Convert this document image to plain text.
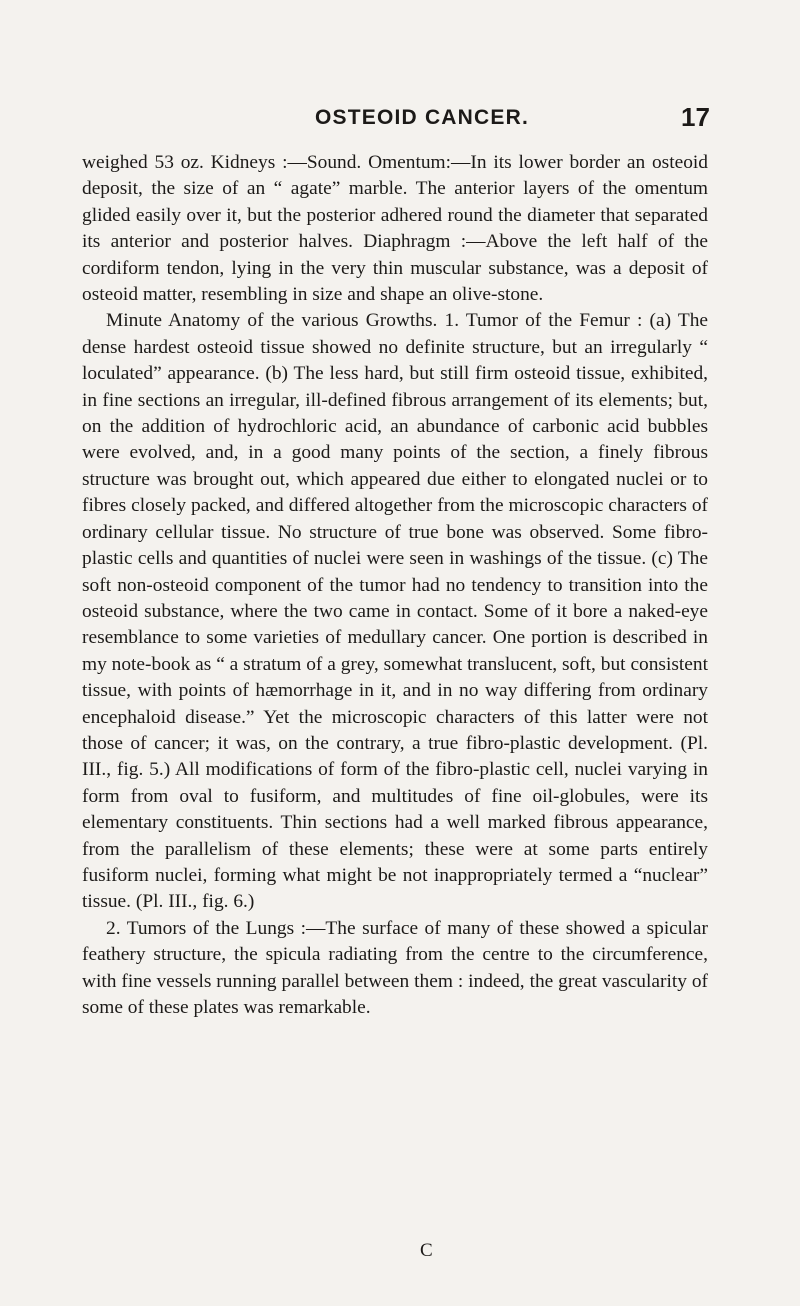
OSTEOID CANCER.	17

weighed 53 oz. Kidneys :—Sound. Omentum:—In its lower border an osteoid deposit, the size of an “ agate” marble. The anterior layers of the omentum glided easily over it, but the posterior adhered round the diameter that separated its anterior and posterior halves. Diaphragm :—Above the left half of the cordiform tendon, lying in the very thin muscular substance, was a deposit of osteoid matter, resembling in size and shape an olive-stone.

Minute Anatomy of the various Growths. 1. Tumor of the Femur : (a) The dense hardest osteoid tissue showed no definite structure, but an irregularly “ loculated” appearance. (b) The less hard, but still firm osteoid tissue, exhibited, in fine sections an irregular, ill-defined fibrous arrangement of its elements; but, on the addition of hydrochloric acid, an abundance of carbonic acid bubbles were evolved, and, in a good many points of the section, a finely fibrous structure was brought out, which appeared due either to elongated nuclei or to fibres closely packed, and differed altogether from the microscopic characters of ordinary cellular tissue. No structure of true bone was observed. Some fibro-plastic cells and quantities of nuclei were seen in washings of the tissue. (c) The soft non-osteoid component of the tumor had no tendency to transition into the osteoid substance, where the two came in contact. Some of it bore a naked-eye resemblance to some varieties of medullary cancer. One portion is described in my note-book as “ a stratum of a grey, somewhat translucent, soft, but consistent tissue, with points of hæmorrhage in it, and in no way differing from ordinary encephaloid disease.” Yet the microscopic characters of this latter were not those of cancer; it was, on the contrary, a true fibro-plastic development. (Pl. III., fig. 5.) All modifications of form of the fibro-plastic cell, nuclei varying in form from oval to fusiform, and multitudes of fine oil-globules, were its elementary constituents. Thin sections had a well marked fibrous appearance, from the parallelism of these elements; these were at some parts entirely fusiform nuclei, forming what might be not inappropriately termed a “nuclear” tissue. (Pl. III., fig. 6.)

2. Tumors of the Lungs :—The surface of many of these showed a spicular feathery structure, the spicula radiating from the centre to the circumference, with fine vessels running parallel between them : indeed, the great vascularity of some of these plates was remarkable.

C
